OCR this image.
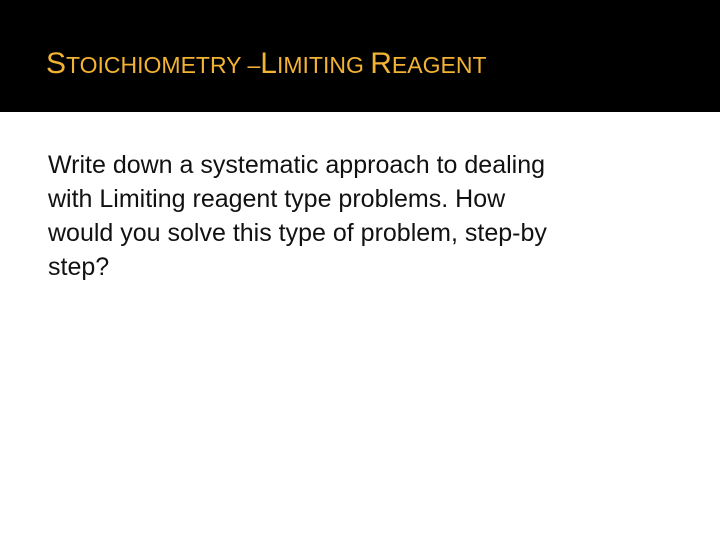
STOICHIOMETRY –LIMITING REAGENT

Write down a systematic approach to dealing
with Limiting reagent type problems. How
would you solve this type of problem, step-by
step?
